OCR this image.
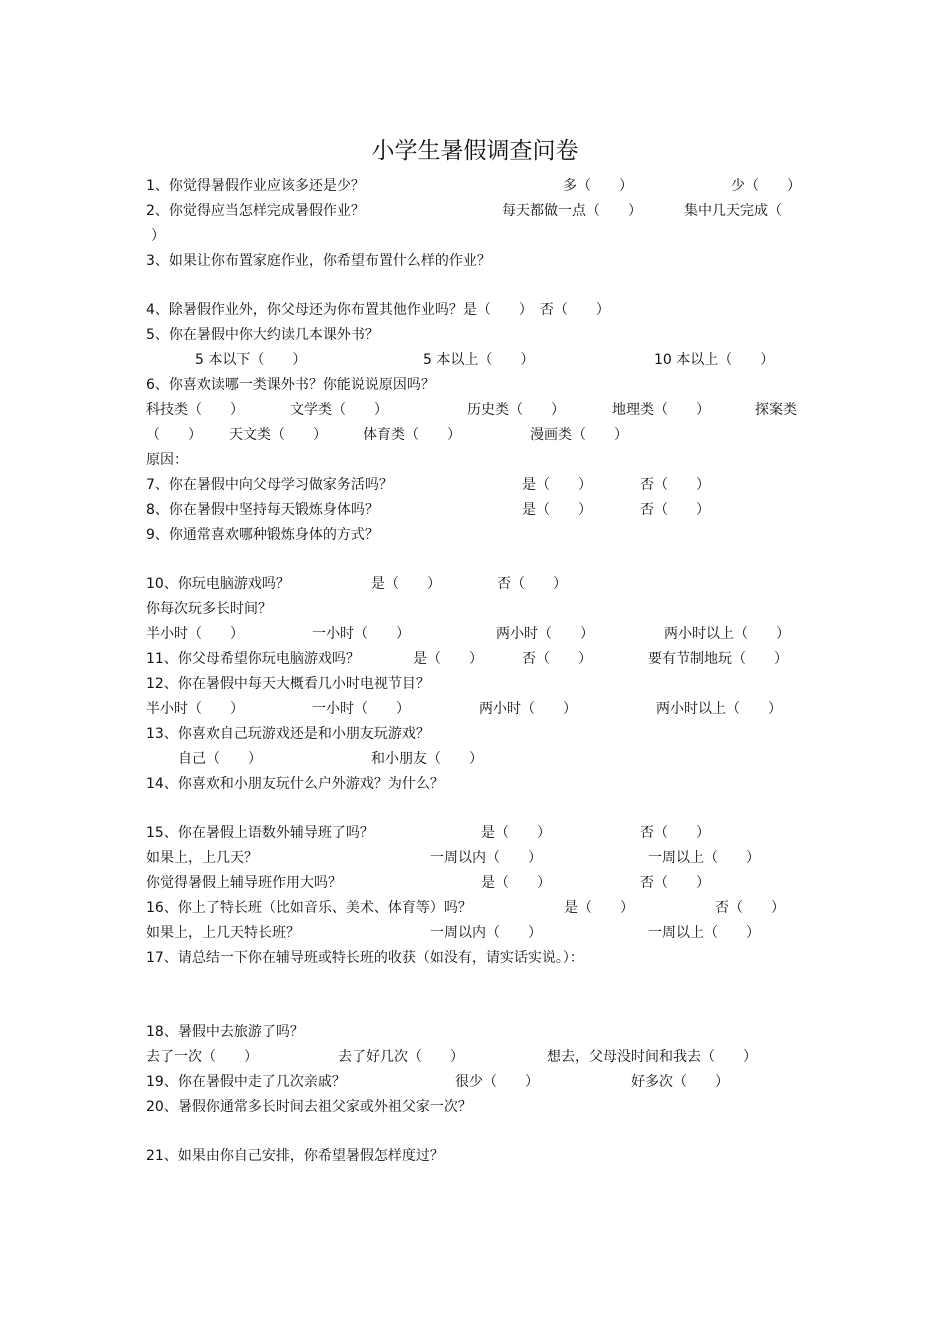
小学生暑假调查问卷
1、你觉得暑假作业应该多还是少？	多（　　）	少（　　）
2、你觉得应当怎样完成暑假作业？	每天都做一点（　　）	集中几天完成（
）
3、如果让你布置家庭作业，你希望布置什么样的作业？
4、除暑假作业外，你父母还为你布置其他作业吗？是（　　）　否（　　）
5、你在暑假中你大约读几本课外书？
5 本以下（　　）	5 本以上（　　）	10 本以上（　　）
6、你喜欢读哪一类课外书？你能说说原因吗？
科技类（　　）	文学类（　　）	历史类（　　）	地理类（　　）	探案类
（　　） 天文类（　　）	体育类（　　）	漫画类（　　）
原因：
7、你在暑假中向父母学习做家务活吗？	是（　　）	否（　　）
8、你在暑假中坚持每天锻炼身体吗？	是（　　）	否（　　）
9、你通常喜欢哪种锻炼身体的方式？
10、你玩电脑游戏吗？	是（　　）	否（　　）
你每次玩多长时间？
半小时（　　）	一小时（　　）	两小时（　　）	两小时以上（　　）
11、你父母希望你玩电脑游戏吗？	是（　　）	否（　　）	要有节制地玩（　　）
12、你在暑假中每天大概看几小时电视节目？
半小时（　　）	一小时（　　）	两小时（　　）	两小时以上（　　）
13、你喜欢自己玩游戏还是和小朋友玩游戏？
自己（　　）	和小朋友（　　）
14、你喜欢和小朋友玩什么户外游戏？为什么？
15、你在暑假上语数外辅导班了吗？	是（　　）	否（　　）
如果上，上几天？	一周以内（　　）	一周以上（　　）
你觉得暑假上辅导班作用大吗？	是（　　）	否（　　）
16、你上了特长班（比如音乐、美术、体育等）吗？	是（　　）	否（　　）
如果上，上几天特长班？	一周以内（　　）	一周以上（　　）
17、请总结一下你在辅导班或特长班的收获（如没有，请实话实说。）：
18、暑假中去旅游了吗？
去了一次（　　）	去了好几次（　　）	想去，父母没时间和我去（　　）
19、你在暑假中走了几次亲戚？	很少（　　）	好多次（　　）
20、暑假你通常多长时间去祖父家或外祖父家一次？
21、如果由你自己安排，你希望暑假怎样度过？
